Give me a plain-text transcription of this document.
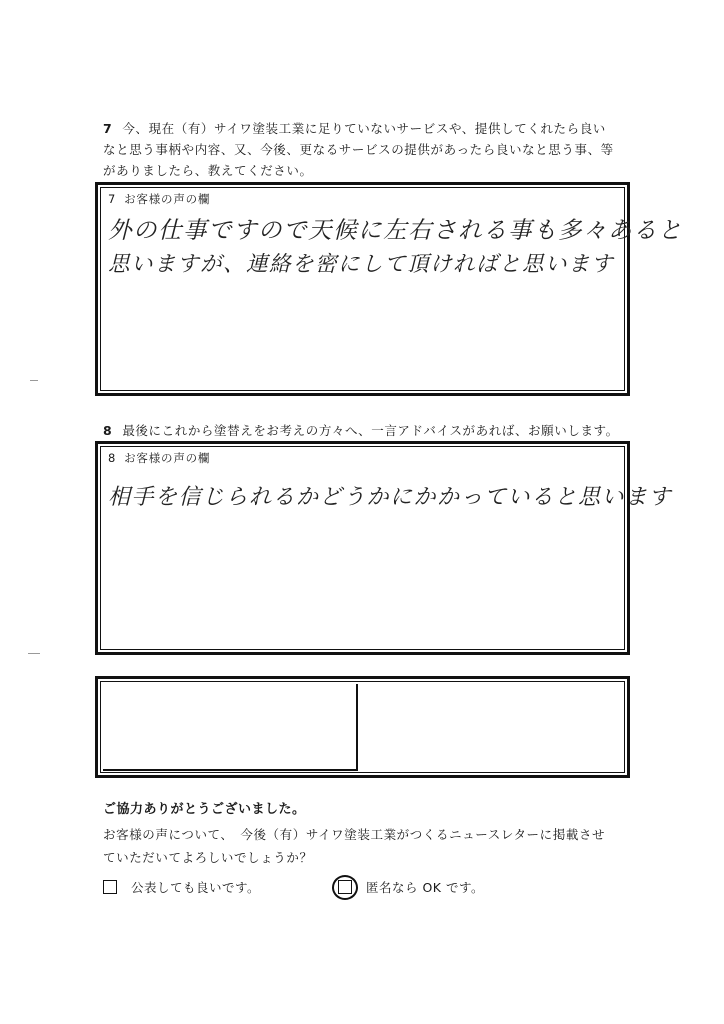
7 今、現在（有）サイワ塗装工業に足りていないサービスや、提供してくれたら良い
なと思う事柄や内容、又、今後、更なるサービスの提供があったら良いなと思う事、等
がありましたら、教えてください。
7 お客様の声の欄
外の仕事ですので天候に左右される事も多々あると
思いますが、連絡を密にして頂ければと思います
8 最後にこれから塗替えをお考えの方々へ、一言アドバイスがあれば、お願いします。
8 お客様の声の欄
相手を信じられるかどうかにかかっていると思います
ご協力ありがとうございました。
お客様の声について、　今後（有）サイワ塗装工業がつくるニュースレターに掲載させ
ていただいてよろしいでしょうか？
公表しても良いです。	匿名なら OK です。
